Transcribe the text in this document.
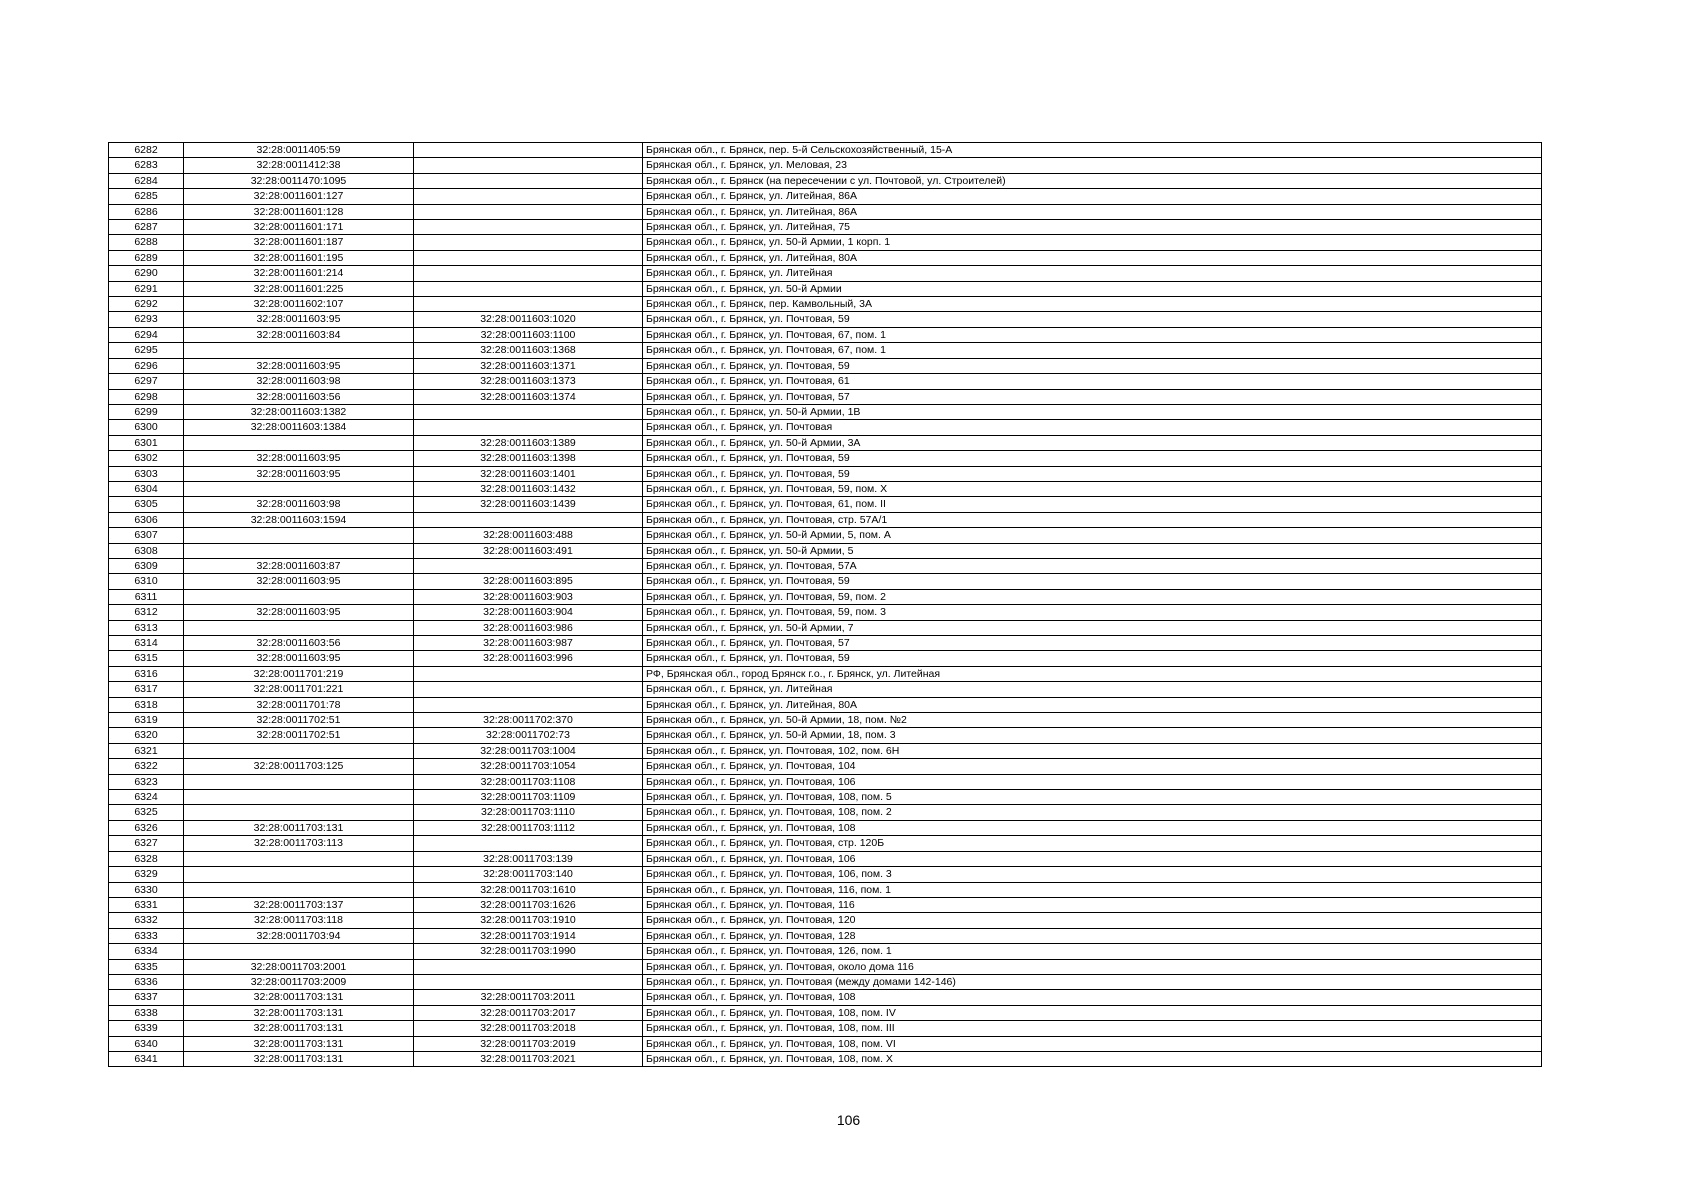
6282	32:28:0011405:59		Брянская обл., г. Брянск, пер. 5-й Сельскохозяйственный, 15-А
6283	32:28:0011412:38		Брянская обл., г. Брянск, ул. Меловая, 23
6284	32:28:0011470:1095		Брянская обл., г. Брянск (на пересечении с ул. Почтовой, ул. Строителей)
6285	32:28:0011601:127		Брянская обл., г. Брянск, ул. Литейная, 86А
6286	32:28:0011601:128		Брянская обл., г. Брянск, ул. Литейная, 86А
6287	32:28:0011601:171		Брянская обл., г. Брянск, ул. Литейная, 75
6288	32:28:0011601:187		Брянская обл., г. Брянск, ул. 50-й Армии, 1 корп. 1
6289	32:28:0011601:195		Брянская обл., г. Брянск, ул. Литейная, 80А
6290	32:28:0011601:214		Брянская обл., г. Брянск, ул. Литейная
6291	32:28:0011601:225		Брянская обл., г. Брянск, ул. 50-й Армии
6292	32:28:0011602:107		Брянская обл., г. Брянск, пер. Камвольный, 3А
6293	32:28:0011603:95	32:28:0011603:1020	Брянская обл., г. Брянск, ул. Почтовая, 59
6294	32:28:0011603:84	32:28:0011603:1100	Брянская обл., г. Брянск, ул. Почтовая, 67, пом. 1
6295		32:28:0011603:1368	Брянская обл., г. Брянск, ул. Почтовая, 67, пом. 1
6296	32:28:0011603:95	32:28:0011603:1371	Брянская обл., г. Брянск, ул. Почтовая, 59
6297	32:28:0011603:98	32:28:0011603:1373	Брянская обл., г. Брянск, ул. Почтовая, 61
6298	32:28:0011603:56	32:28:0011603:1374	Брянская обл., г. Брянск, ул. Почтовая, 57
6299	32:28:0011603:1382		Брянская обл., г. Брянск, ул. 50-й Армии, 1В
6300	32:28:0011603:1384		Брянская обл., г. Брянск, ул. Почтовая
6301		32:28:0011603:1389	Брянская обл., г. Брянск, ул. 50-й Армии, 3А
6302	32:28:0011603:95	32:28:0011603:1398	Брянская обл., г. Брянск, ул. Почтовая, 59
6303	32:28:0011603:95	32:28:0011603:1401	Брянская обл., г. Брянск, ул. Почтовая, 59
6304		32:28:0011603:1432	Брянская обл., г. Брянск, ул. Почтовая, 59, пом. X
6305	32:28:0011603:98	32:28:0011603:1439	Брянская обл., г. Брянск, ул. Почтовая, 61, пом. II
6306	32:28:0011603:1594		Брянская обл., г. Брянск, ул. Почтовая, стр. 57А/1
6307		32:28:0011603:488	Брянская обл., г. Брянск, ул. 50-й Армии, 5, пом. А
6308		32:28:0011603:491	Брянская обл., г. Брянск, ул. 50-й Армии, 5
6309	32:28:0011603:87		Брянская обл., г. Брянск, ул. Почтовая, 57А
6310	32:28:0011603:95	32:28:0011603:895	Брянская обл., г. Брянск, ул. Почтовая, 59
6311		32:28:0011603:903	Брянская обл., г. Брянск, ул. Почтовая, 59, пом. 2
6312	32:28:0011603:95	32:28:0011603:904	Брянская обл., г. Брянск, ул. Почтовая, 59, пом. 3
6313		32:28:0011603:986	Брянская обл., г. Брянск, ул. 50-й Армии, 7
6314	32:28:0011603:56	32:28:0011603:987	Брянская обл., г. Брянск, ул. Почтовая, 57
6315	32:28:0011603:95	32:28:0011603:996	Брянская обл., г. Брянск, ул. Почтовая, 59
6316	32:28:0011701:219		РФ, Брянская обл., город Брянск г.о., г. Брянск, ул. Литейная
6317	32:28:0011701:221		Брянская обл., г. Брянск, ул. Литейная
6318	32:28:0011701:78		Брянская обл., г. Брянск, ул. Литейная, 80А
6319	32:28:0011702:51	32:28:0011702:370	Брянская обл., г. Брянск, ул. 50-й Армии, 18, пом. №2
6320	32:28:0011702:51	32:28:0011702:73	Брянская обл., г. Брянск, ул. 50-й Армии, 18, пом. 3
6321		32:28:0011703:1004	Брянская обл., г. Брянск, ул. Почтовая, 102, пом. 6Н
6322	32:28:0011703:125	32:28:0011703:1054	Брянская обл., г. Брянск, ул. Почтовая, 104
6323		32:28:0011703:1108	Брянская обл., г. Брянск, ул. Почтовая, 106
6324		32:28:0011703:1109	Брянская обл., г. Брянск, ул. Почтовая, 108, пом. 5
6325		32:28:0011703:1110	Брянская обл., г. Брянск, ул. Почтовая, 108, пом. 2
6326	32:28:0011703:131	32:28:0011703:1112	Брянская обл., г. Брянск, ул. Почтовая, 108
6327	32:28:0011703:113		Брянская обл., г. Брянск, ул. Почтовая, стр. 120Б
6328		32:28:0011703:139	Брянская обл., г. Брянск, ул. Почтовая, 106
6329		32:28:0011703:140	Брянская обл., г. Брянск, ул. Почтовая, 106, пом. 3
6330		32:28:0011703:1610	Брянская обл., г. Брянск, ул. Почтовая, 116, пом. 1
6331	32:28:0011703:137	32:28:0011703:1626	Брянская обл., г. Брянск, ул. Почтовая, 116
6332	32:28:0011703:118	32:28:0011703:1910	Брянская обл., г. Брянск, ул. Почтовая, 120
6333	32:28:0011703:94	32:28:0011703:1914	Брянская обл., г. Брянск, ул. Почтовая, 128
6334		32:28:0011703:1990	Брянская обл., г. Брянск, ул. Почтовая, 126, пом. 1
6335	32:28:0011703:2001		Брянская обл., г. Брянск, ул. Почтовая, около дома 116
6336	32:28:0011703:2009		Брянская обл., г. Брянск, ул. Почтовая (между домами 142-146)
6337	32:28:0011703:131	32:28:0011703:2011	Брянская обл., г. Брянск, ул. Почтовая, 108
6338	32:28:0011703:131	32:28:0011703:2017	Брянская обл., г. Брянск, ул. Почтовая, 108, пом. IV
6339	32:28:0011703:131	32:28:0011703:2018	Брянская обл., г. Брянск, ул. Почтовая, 108, пом. III
6340	32:28:0011703:131	32:28:0011703:2019	Брянская обл., г. Брянск, ул. Почтовая, 108, пом. VI
6341	32:28:0011703:131	32:28:0011703:2021	Брянская обл., г. Брянск, ул. Почтовая, 108, пом. X
106
